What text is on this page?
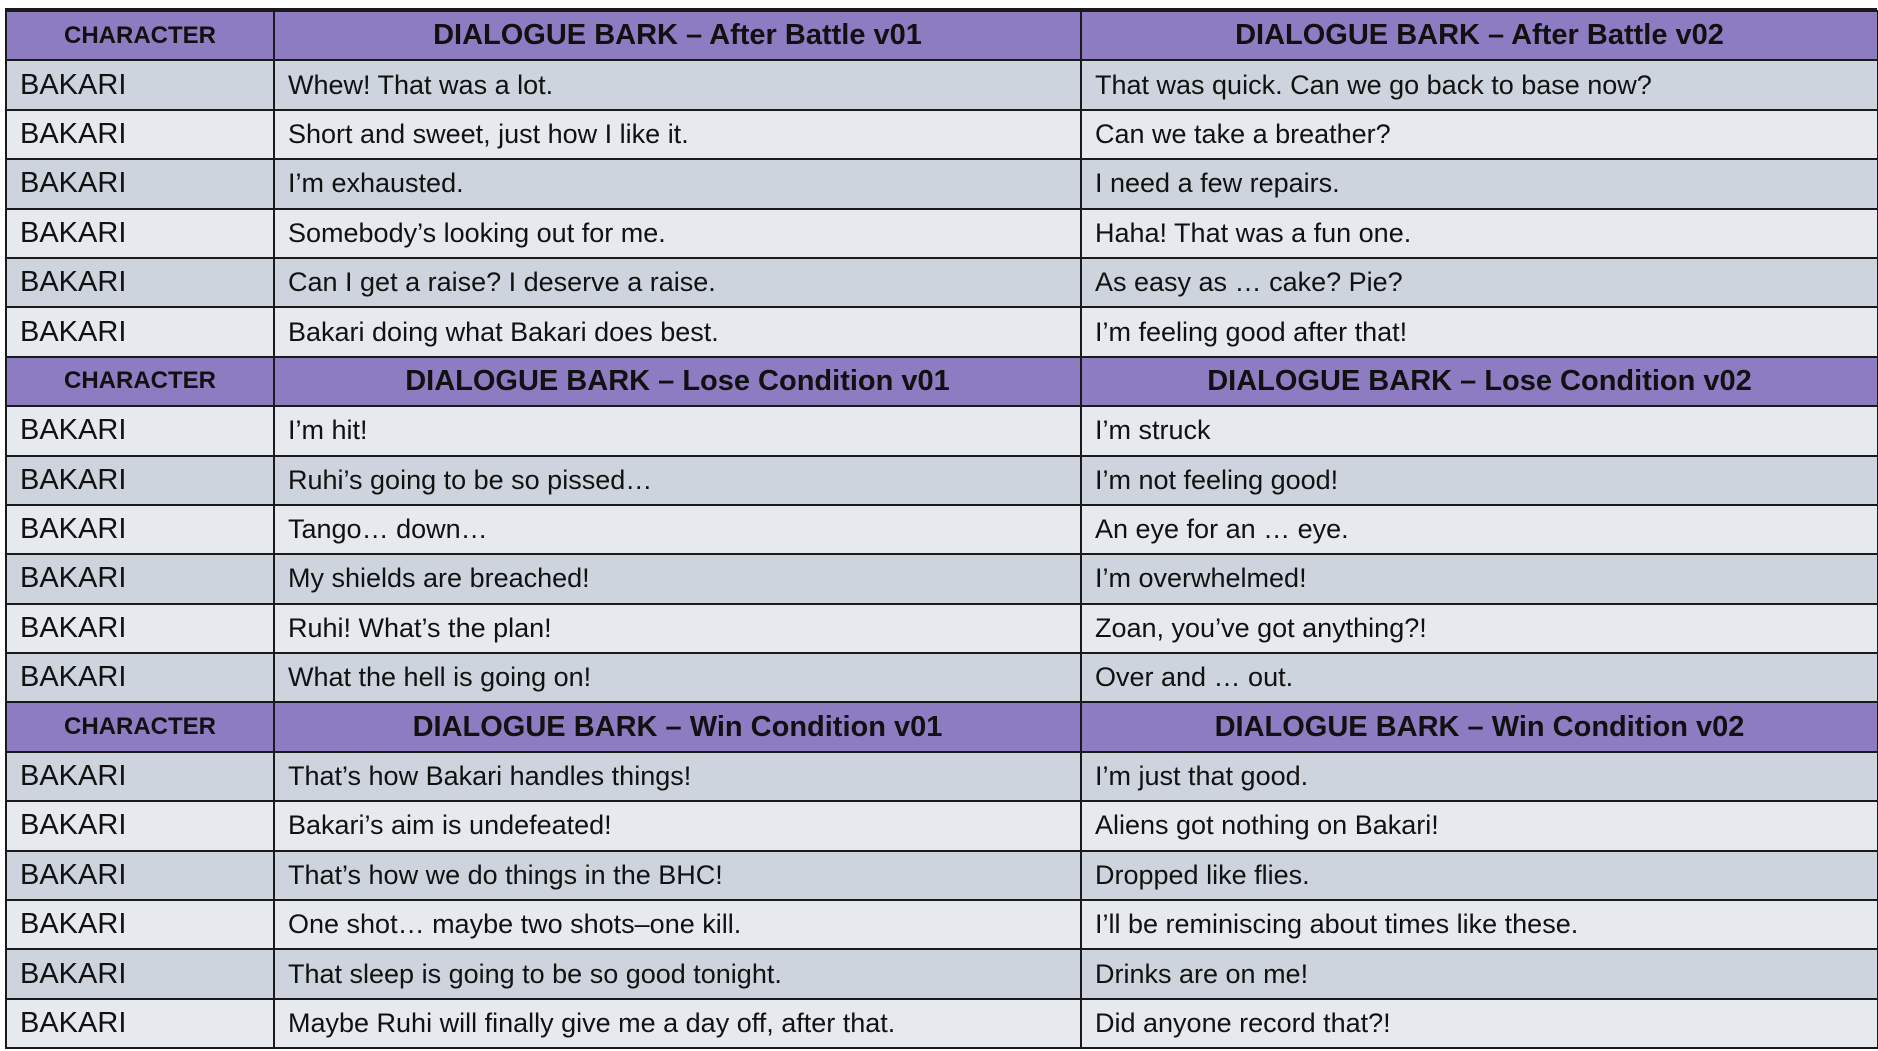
CHARACTER	DIALOGUE BARK – After Battle v01	DIALOGUE BARK – After Battle v02
BAKARI	Whew! That was a lot.	That was quick. Can we go back to base now?
BAKARI	Short and sweet, just how I like it.	Can we take a breather?
BAKARI	I’m exhausted.	I need a few repairs.
BAKARI	Somebody’s looking out for me.	Haha! That was a fun one.
BAKARI	Can I get a raise? I deserve a raise.	As easy as … cake? Pie?
BAKARI	Bakari doing what Bakari does best.	I’m feeling good after that!
CHARACTER	DIALOGUE BARK – Lose Condition v01	DIALOGUE BARK – Lose Condition v02
BAKARI	I’m hit!	I’m struck
BAKARI	Ruhi’s going to be so pissed…	I’m not feeling good!
BAKARI	Tango… down…	An eye for an … eye.
BAKARI	My shields are breached!	I’m overwhelmed!
BAKARI	Ruhi! What’s the plan!	Zoan, you’ve got anything?!
BAKARI	What the hell is going on!	Over and … out.
CHARACTER	DIALOGUE BARK – Win Condition v01	DIALOGUE BARK – Win Condition v02
BAKARI	That’s how Bakari handles things!	I’m just that good.
BAKARI	Bakari’s aim is undefeated!	Aliens got nothing on Bakari!
BAKARI	That’s how we do things in the BHC!	Dropped like flies.
BAKARI	One shot… maybe two shots–one kill.	I’ll be reminiscing about times like these.
BAKARI	That sleep is going to be so good tonight.	Drinks are on me!
BAKARI	Maybe Ruhi will finally give me a day off, after that.	Did anyone record that?!
